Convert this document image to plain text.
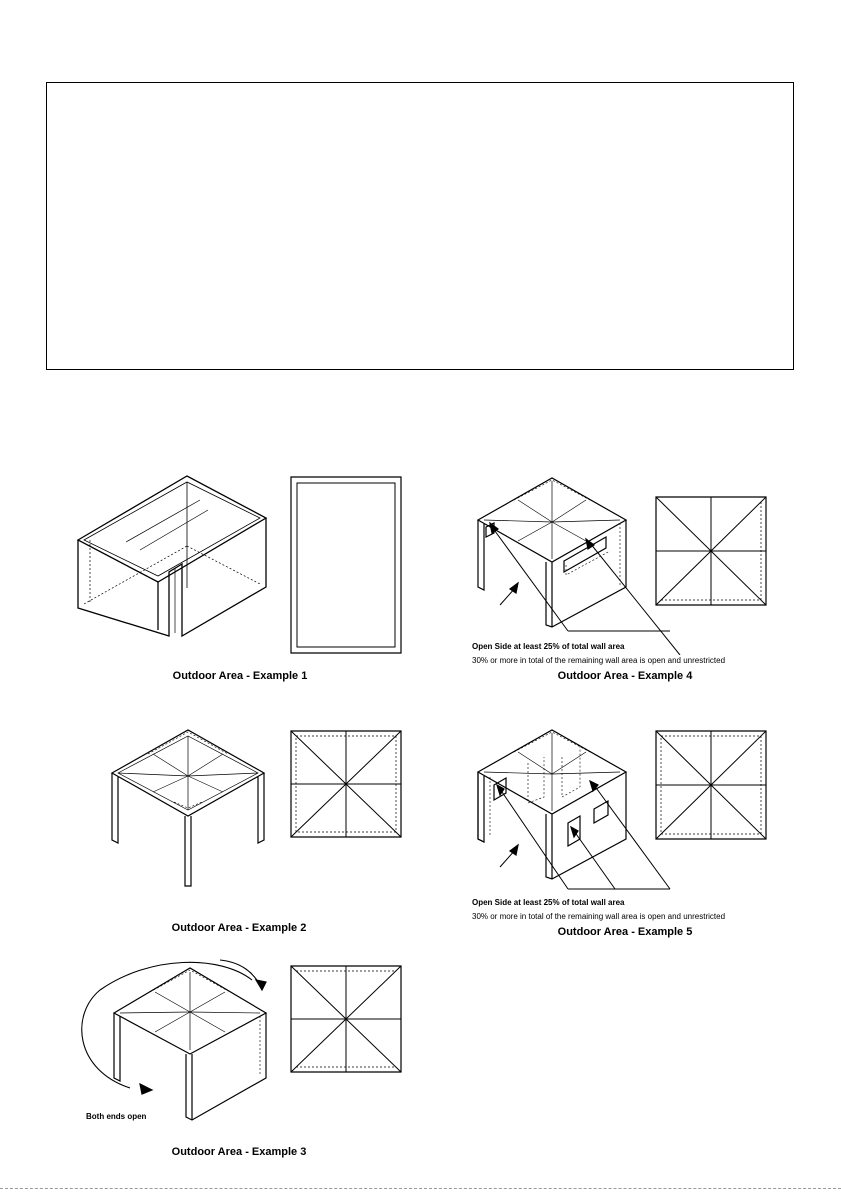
Outdoor Area - Example 1
Outdoor Area - Example 2
Both ends open
Outdoor Area - Example 3
Open Side at least 25% of total wall area
30% or more in total of the remaining wall area is open and unrestricted
Outdoor Area - Example 4
Open Side at least 25% of total wall area
30% or more in total of the remaining wall area is open and unrestricted
Outdoor Area - Example 5
